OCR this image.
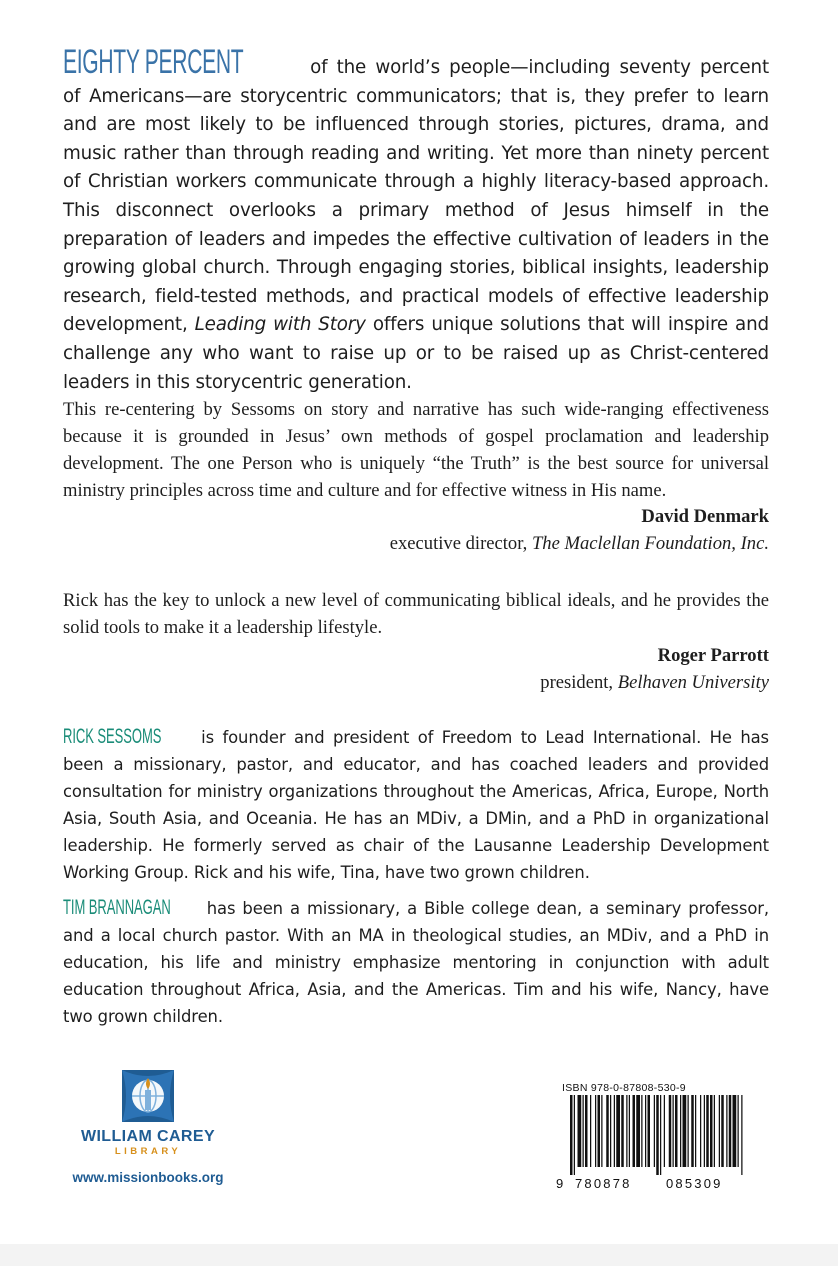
EIGHTY PERCENT	of the world’s people—including seventy percent of Americans—are storycentric communicators; that is, they prefer to learn and are most likely to be influenced through stories, pictures, drama, and music rather than through reading and writing. Yet more than ninety percent of Christian workers communicate through a highly literacy-based approach. This disconnect overlooks a primary method of Jesus himself in the preparation of leaders and impedes the effective cultivation of leaders in the growing global church. Through engaging stories, biblical insights, leadership research, field-tested methods, and practical models of effective leadership development, Leading with Story offers unique solutions that will inspire and challenge any who want to raise up or to be raised up as Christ-centered leaders in this storycentric generation.

This re-centering by Sessoms on story and narrative has such wide-ranging effectiveness because it is grounded in Jesus’ own methods of gospel proclamation and leadership development. The one Person who is uniquely “the Truth” is the best source for universal ministry principles across time and culture and for effective witness in His name.

David Denmark
executive director, The Maclellan Foundation, Inc.

Rick has the key to unlock a new level of communicating biblical ideals, and he provides the solid tools to make it a leadership lifestyle.

Roger Parrott
president, Belhaven University

RICK SESSOMS is founder and president of Freedom to Lead International. He has been a missionary, pastor, and educator, and has coached leaders and provided consultation for ministry organizations throughout the Americas, Africa, Europe, North Asia, South Asia, and Oceania. He has an MDiv, a DMin, and a PhD in organizational leadership. He formerly served as chair of the Lausanne Leadership Development Working Group. Rick and his wife, Tina, have two grown children.

TIM BRANNAGAN has been a missionary, a Bible college dean, a seminary professor, and a local church pastor. With an MA in theological studies, an MDiv, and a PhD in education, his life and ministry emphasize mentoring in conjunction with adult education throughout Africa, Asia, and the Americas. Tim and his wife, Nancy, have two grown children.

WILLIAM CAREY
LIBRARY
www.missionbooks.org

ISBN 978-0-87808-530-9

9 780878	085309
